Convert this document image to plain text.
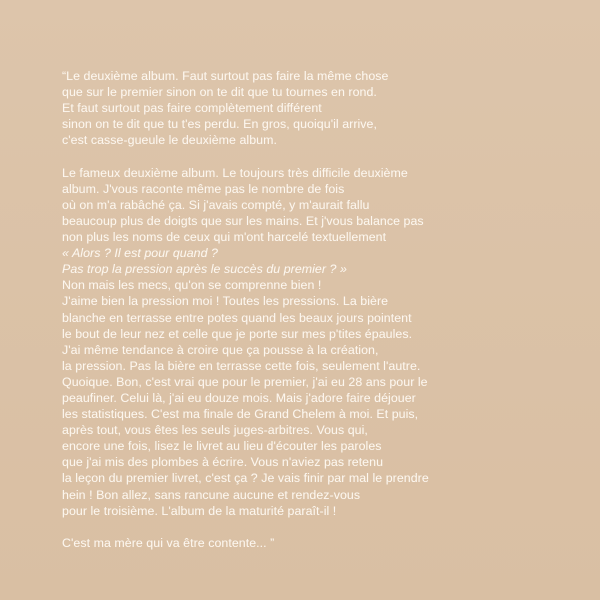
“Le deuxième album. Faut surtout pas faire la même chose
que sur le premier sinon on te dit que tu tournes en rond.
Et faut surtout pas faire complètement différent
sinon on te dit que tu t'es perdu. En gros, quoiqu'il arrive,
c'est casse-gueule le deuxième album.

Le fameux deuxième album. Le toujours très difficile deuxième
album. J'vous raconte même pas le nombre de fois
où on m'a rabâché ça. Si j'avais compté, y m'aurait fallu
beaucoup plus de doigts que sur les mains. Et j'vous balance pas
non plus les noms de ceux qui m'ont harcelé textuellement

« Alors ? Il est pour quand ?
Pas trop la pression après le succès du premier ? »

Non mais les mecs, qu'on se comprenne bien !
J'aime bien la pression moi ! Toutes les pressions. La bière
blanche en terrasse entre potes quand les beaux jours pointent
le bout de leur nez et celle que je porte sur mes p'tites épaules.
J'ai même tendance à croire que ça pousse à la création,
la pression. Pas la bière en terrasse cette fois, seulement l'autre.
Quoique. Bon, c'est vrai que pour le premier, j'ai eu 28 ans pour le
peaufiner. Celui là, j'ai eu douze mois. Mais j'adore faire déjouer
les statistiques. C'est ma finale de Grand Chelem à moi. Et puis,
après tout, vous êtes les seuls juges-arbitres. Vous qui,
encore une fois, lisez le livret au lieu d'écouter les paroles
que j'ai mis des plombes à écrire. Vous n'aviez pas retenu
la leçon du premier livret, c'est ça ? Je vais finir par mal le prendre
hein ! Bon allez, sans rancune aucune et rendez-vous
pour le troisième. L'album de la maturité paraît-il !

C'est ma mère qui va être contente... ”
